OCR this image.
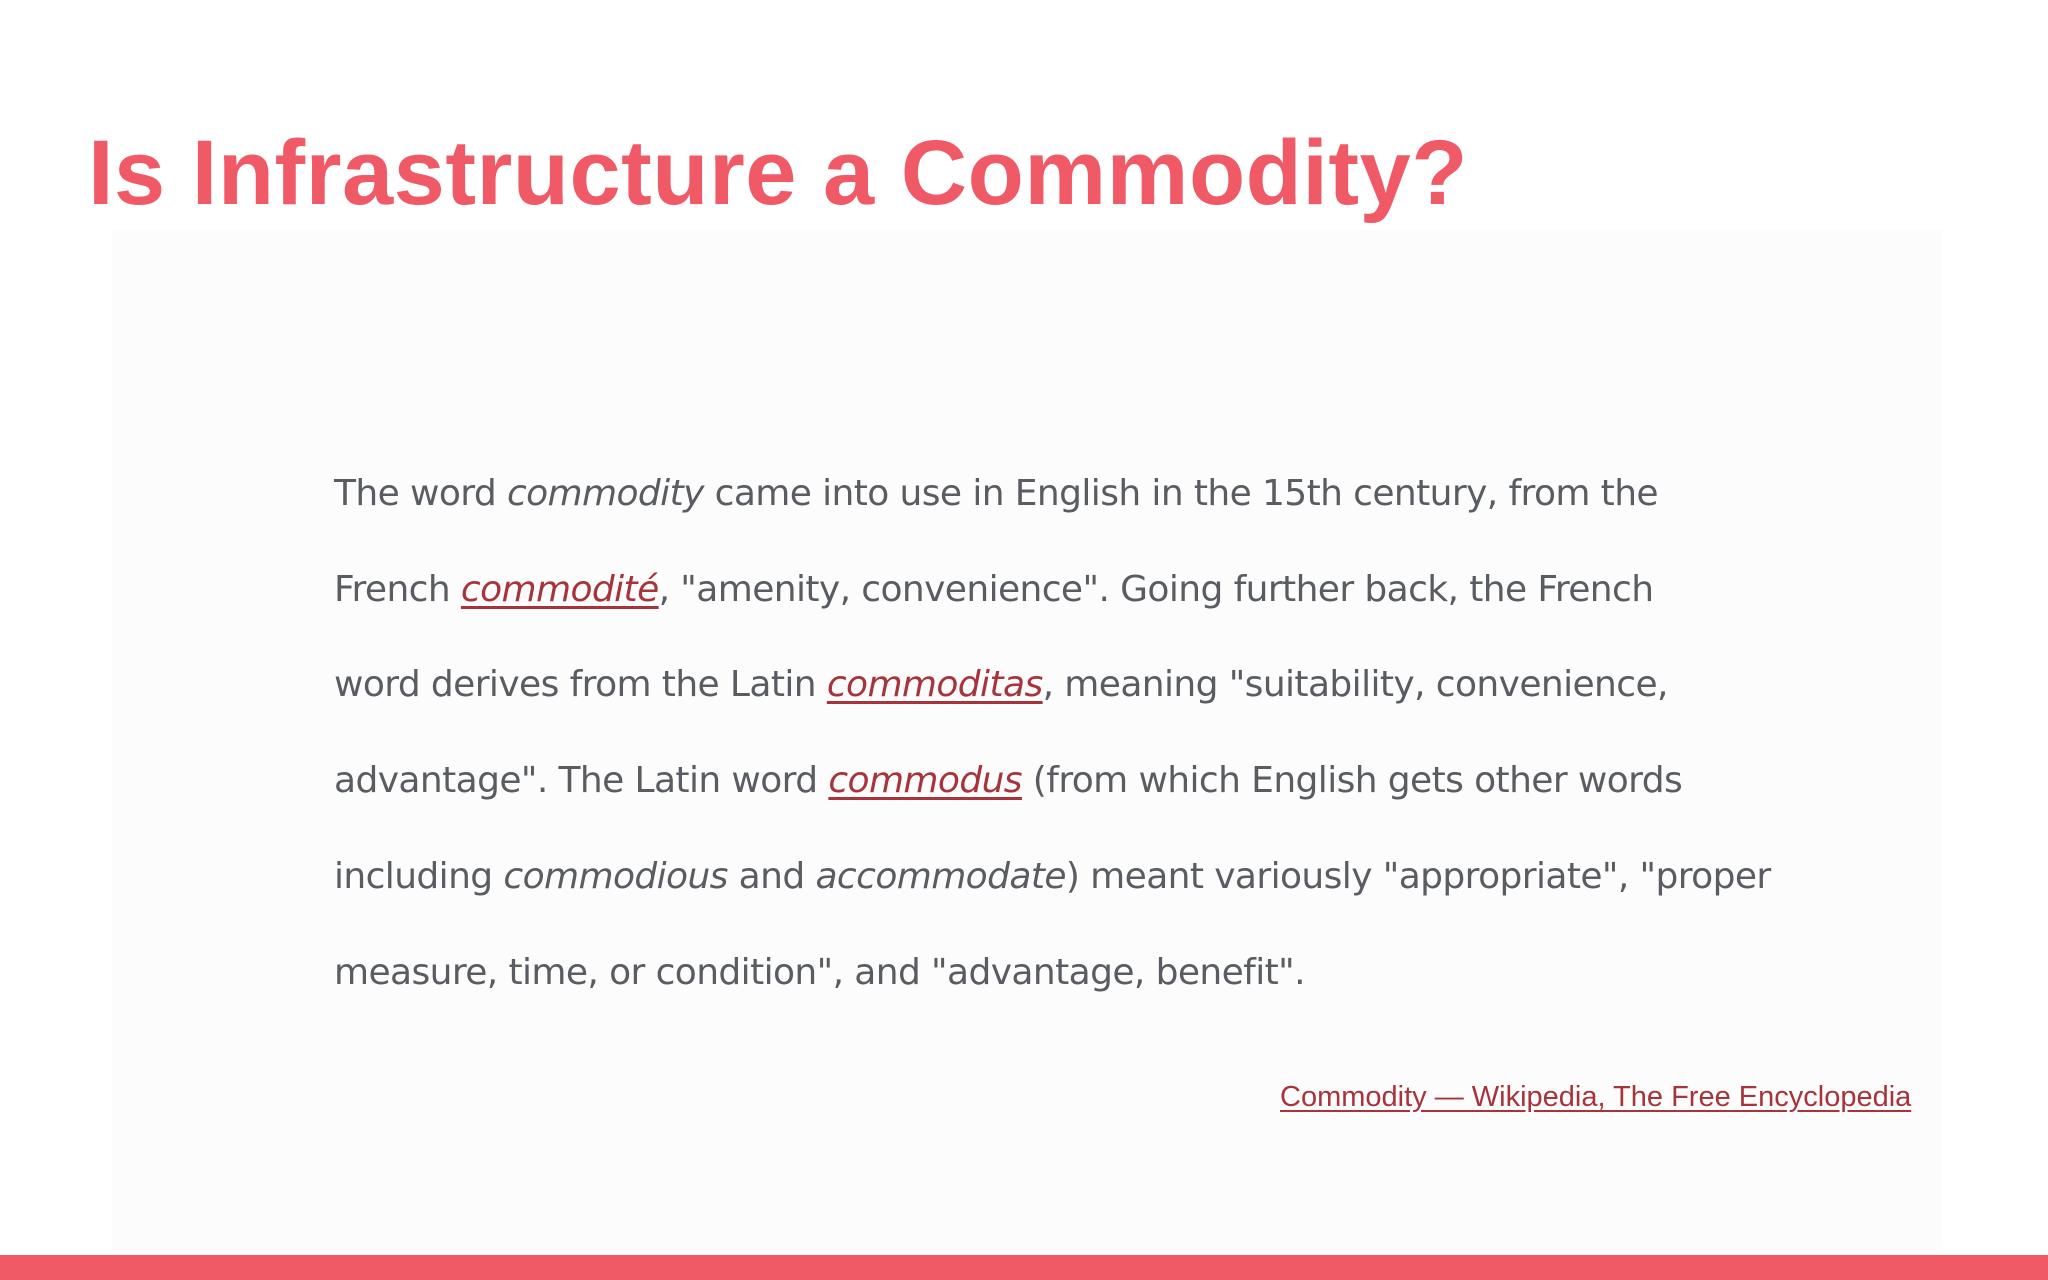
Is Infrastructure a Commodity?

The word commodity came into use in English in the 15th century, from the
French commodité, "amenity, convenience". Going further back, the French
word derives from the Latin commoditas, meaning "suitability, convenience,
advantage". The Latin word commodus (from which English gets other words
including commodious and accommodate) meant variously "appropriate", "proper
measure, time, or condition", and "advantage, benefit".

Commodity — Wikipedia, The Free Encyclopedia
